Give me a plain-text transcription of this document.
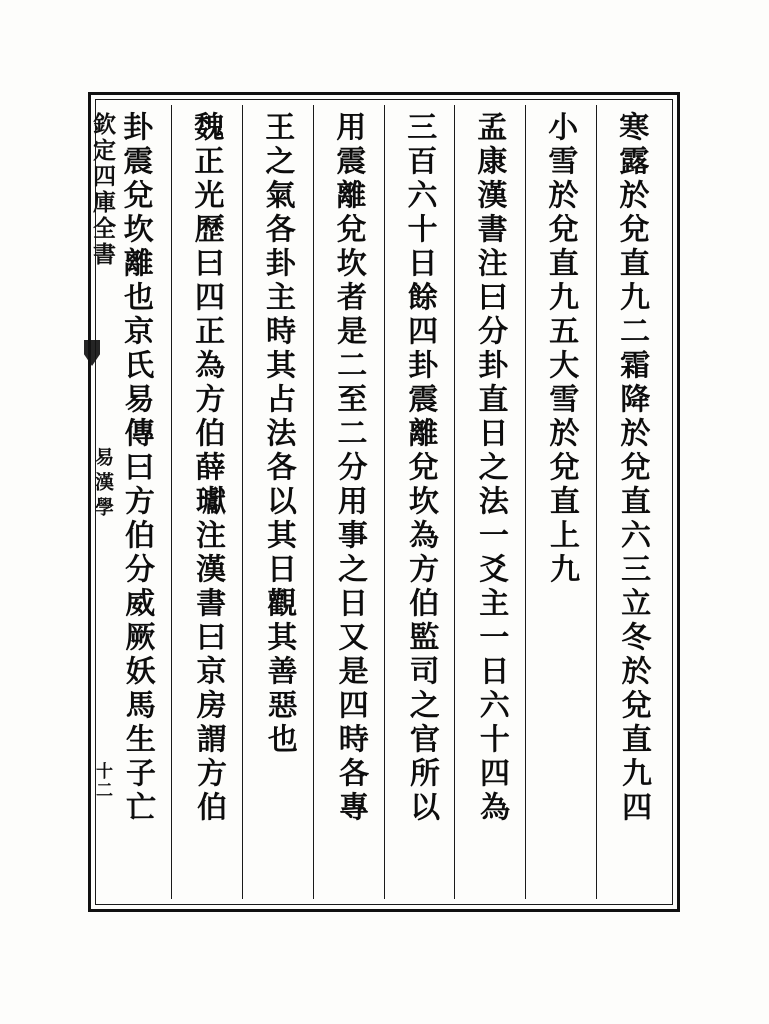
寒露於兌直九二霜降於兌直六三立冬於兌直九四
小雪於兌直九五大雪於兌直上九
孟康漢書注曰分卦直日之法一爻主一日六十四為
三百六十日餘四卦震離兌坎為方伯監司之官所以
用震離兌坎者是二至二分用事之日又是四時各專
王之氣各卦主時其占法各以其日觀其善惡也
魏正光歷曰四正為方伯薛瓛注漢書曰京房謂方伯
卦震兌坎離也京氏易傳曰方伯分威厥妖馬生子亡
欽定四庫全書
易漢學
十二
